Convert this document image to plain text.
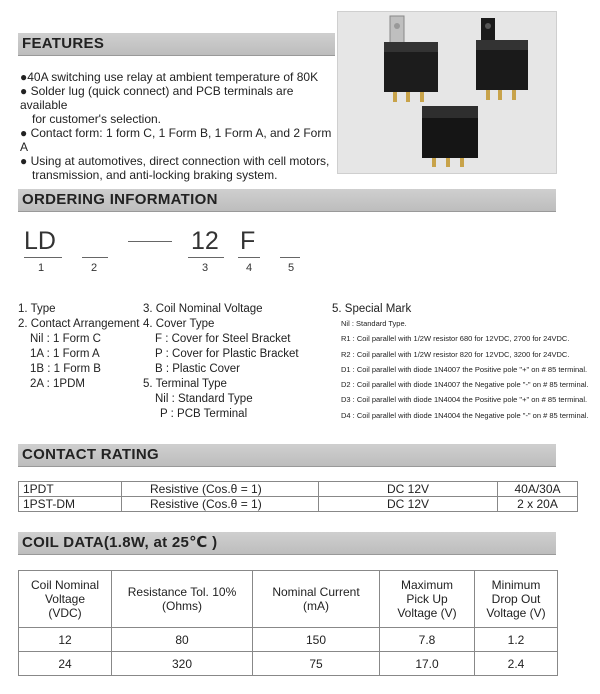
FEATURES
●40A switching use relay at ambient temperature of 80K
● Solder lug (quick connect) and PCB terminals are available
for customer's selection.
● Contact form: 1 form C, 1 Form B, 1 Form A, and 2 Form A
● Using at automotives, direct connection with cell motors,
transmission, and anti-locking braking system.
ORDERING INFORMATION
LD	12 F
1	2	3	4	5
1. Type
2. Contact Arrangement
Nil : 1 Form C
1A : 1 Form A
1B : 1 Form B
2A : 1PDM
3. Coil Nominal Voltage
4. Cover Type
F : Cover for Steel Bracket
P : Cover for Plastic Bracket
B : Plastic Cover
5. Terminal Type
Nil : Standard Type
P : PCB Terminal
5. Special Mark
Nil : Standard Type.
R1 : Coil parallel with 1/2W resistor 680 for 12VDC, 2700 for 24VDC.
R2 : Coil parallel with 1/2W resistor 820 for 12VDC, 3200 for 24VDC.
D1 : Coil parallel with diode 1N4007 the Positive pole "+" on # 85 terminal.
D2 : Coil parallel with diode 1N4007 the Negative pole "-" on # 85 terminal.
D3 : Coil parallel with diode 1N4004 the Positive pole "+" on # 85 terminal.
D4 : Coil parallel with diode 1N4004 the Negative pole "-" on # 85 terminal.
CONTACT RATING
1PDT	Resistive (Cos.θ = 1)	DC 12V	40A/30A
1PST-DM	Resistive (Cos.θ = 1)	DC 12V	2 x 20A
COIL DATA(1.8W, at 25℃ )
Coil Nominal
Voltage
(VDC)	Resistance Tol. 10%
(Ohms)	Nominal Current
(mA)	Maximum
Pick Up
Voltage (V)	Minimum
Drop Out
Voltage (V)
12	80	150	7.8	1.2
24	320	75	17.0	2.4
